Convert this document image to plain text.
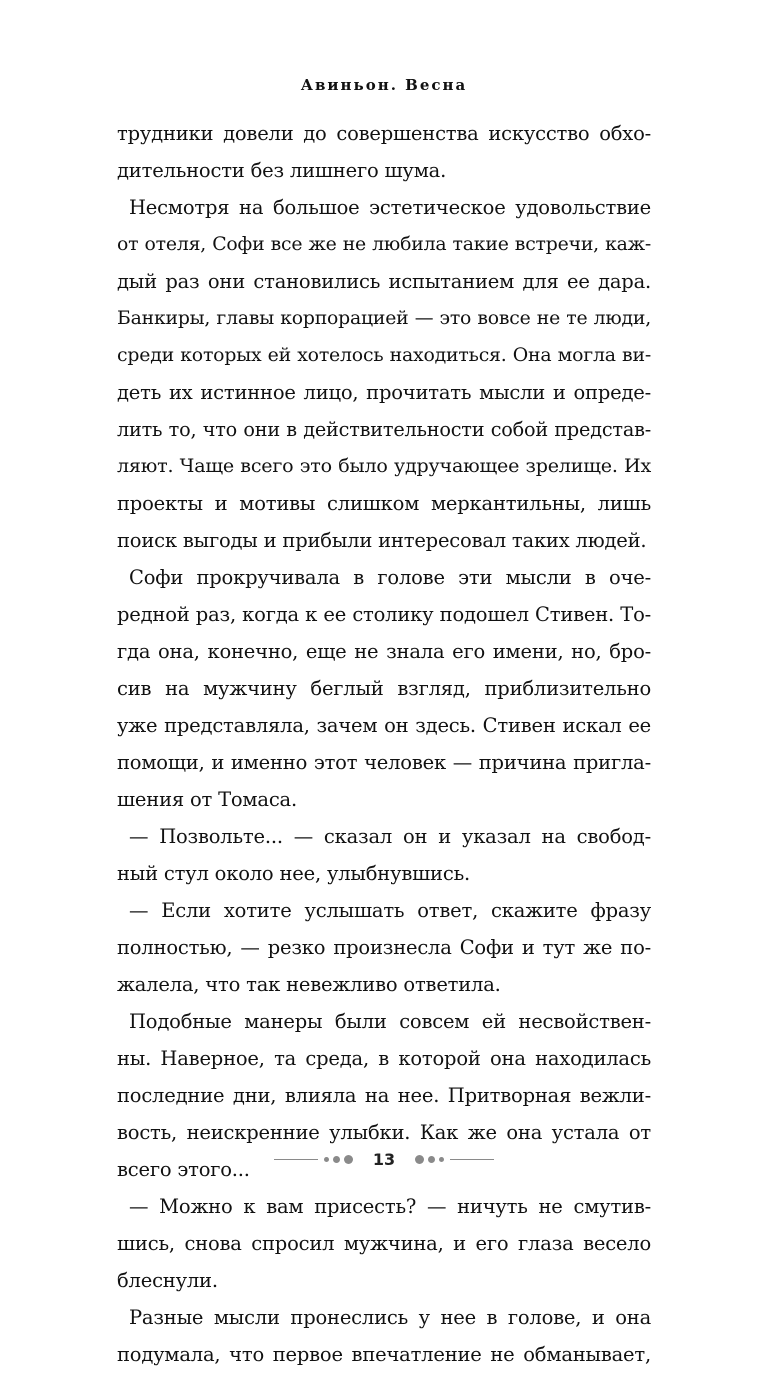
Авиньон. Весна
трудники довели до совершенства искусство обхо-
дительности без лишнего шума.
Несмотря на большое эстетическое удовольствие
от отеля, Софи все же не любила такие встречи, каж-
дый раз они становились испытанием для ее дара.
Банкиры, главы корпорацией — это вовсе не те люди,
среди которых ей хотелось находиться. Она могла ви-
деть их истинное лицо, прочитать мысли и опреде-
лить то, что они в действительности собой представ-
ляют. Чаще всего это было удручающее зрелище. Их
проекты и мотивы слишком меркантильны, лишь
поиск выгоды и прибыли интересовал таких людей.
Софи прокручивала в голове эти мысли в оче-
редной раз, когда к ее столику подошел Стивен. То-
гда она, конечно, еще не знала его имени, но, бро-
сив на мужчину беглый взгляд, приблизительно
уже представляла, зачем он здесь. Стивен искал ее
помощи, и именно этот человек — причина пригла-
шения от Томаса.
— Позвольте... — сказал он и указал на свобод-
ный стул около нее, улыбнувшись.
— Если хотите услышать ответ, скажите фразу
полностью, — резко произнесла Софи и тут же по-
жалела, что так невежливо ответила.
Подобные манеры были совсем ей несвойствен-
ны. Наверное, та среда, в которой она находилась
последние дни, влияла на нее. Притворная вежли-
вость, неискренние улыбки. Как же она устала от
всего этого...
— Можно к вам присесть? — ничуть не смутив-
шись, снова спросил мужчина, и его глаза весело
блеснули.
Разные мысли пронеслись у нее в голове, и она
подумала, что первое впечатление не обманывает,
13
